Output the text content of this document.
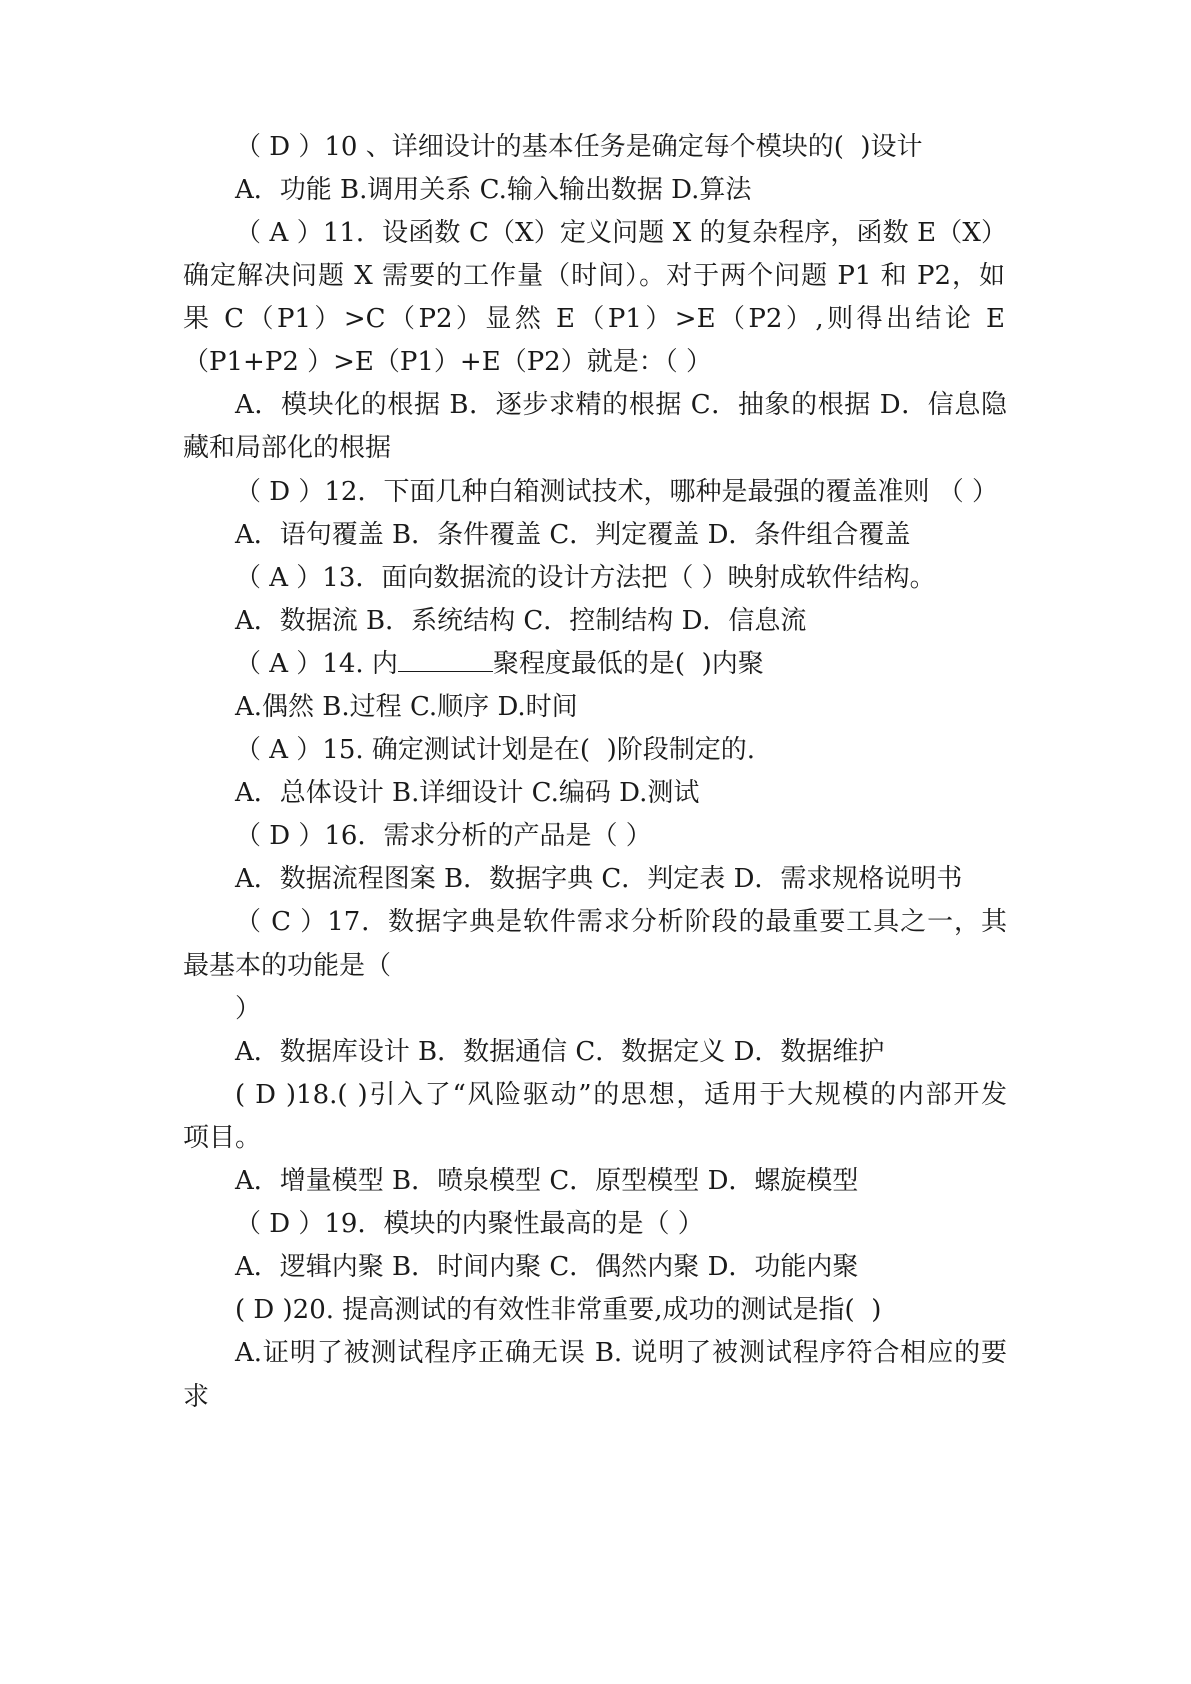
（ D ）10 、详细设计的基本任务是确定每个模块的(  )设计
A．功能 B.调用关系 C.输入输出数据 D.算法
（ A ）11．设函数 C（X）定义问题 X 的复杂程序，函数 E（X）
确定解决问题 X 需要的工作量（时间）。对于两个问题 P1 和 P2，如
果 C（P1）>C（P2）显然 E（P1）>E（P2）,则得出结论 E
（P1+P2 ）>E（P1）+E（P2）就是：（ ）
A．模块化的根据 B．逐步求精的根据 C．抽象的根据 D．信息隐
藏和局部化的根据
（ D ）12．下面几种白箱测试技术，哪种是最强的覆盖准则 （ ）
A．语句覆盖 B．条件覆盖 C．判定覆盖 D．条件组合覆盖
（ A ）13．面向数据流的设计方法把（ ）映射成软件结构。
A．数据流 B．系统结构 C．控制结构 D．信息流
（ A ）14. 内	聚程度最低的是(  )内聚
A.偶然 B.过程 C.顺序 D.时间
（ A ）15. 确定测试计划是在(  )阶段制定的.
A．总体设计 B.详细设计 C.编码 D.测试
（ D ）16．需求分析的产品是（ ）
A．数据流程图案 B．数据字典 C．判定表 D．需求规格说明书
（ C ）17．数据字典是软件需求分析阶段的最重要工具之一，其
最基本的功能是（
）
A．数据库设计 B．数据通信 C．数据定义 D．数据维护
( D )18.( )引入了“风险驱动”的思想，适用于大规模的内部开发
项目。
A．增量模型 B．喷泉模型 C．原型模型 D．螺旋模型
（ D ）19．模块的内聚性最高的是（ ）
A．逻辑内聚 B．时间内聚 C．偶然内聚 D．功能内聚
( D )20. 提高测试的有效性非常重要,成功的测试是指(  )
A.证明了被测试程序正确无误 B. 说明了被测试程序符合相应的要
求
